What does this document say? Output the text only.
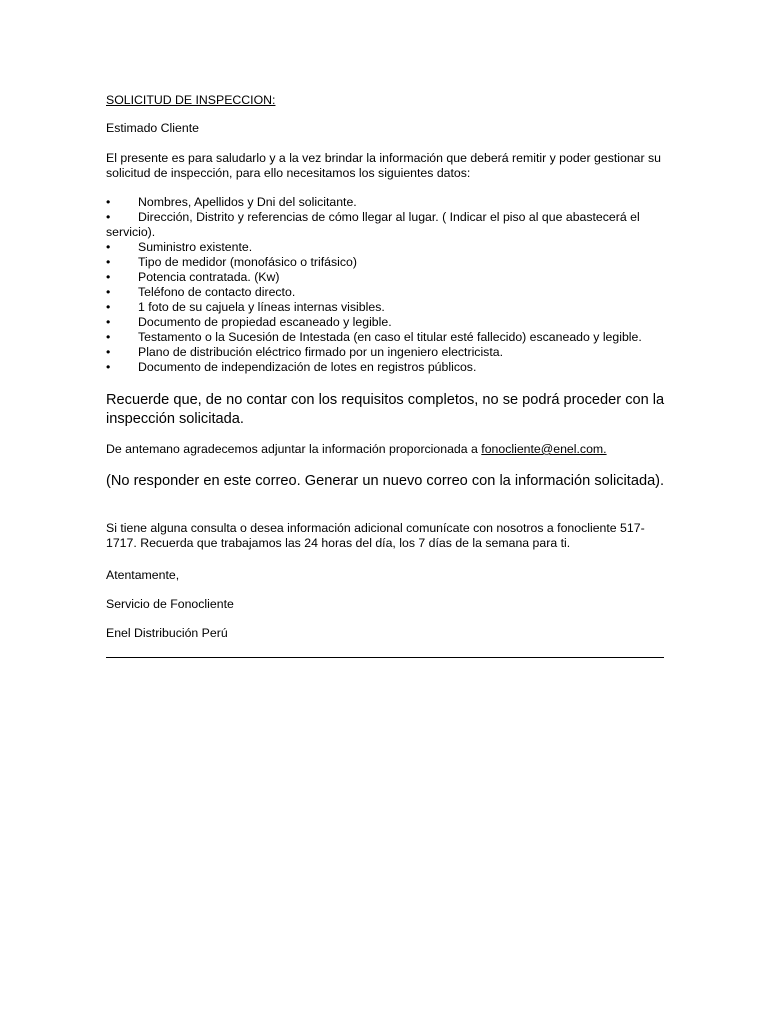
SOLICITUD DE INSPECCION:
Estimado Cliente
El presente es para saludarlo y a la vez brindar la información que deberá remitir y poder gestionar su solicitud de inspección, para ello necesitamos los siguientes datos:
• Nombres, Apellidos y Dni del solicitante.
• Dirección, Distrito y referencias de cómo llegar al lugar. ( Indicar el piso al que abastecerá el servicio).
• Suministro existente.
• Tipo de medidor (monofásico o trifásico)
• Potencia contratada. (Kw)
• Teléfono de contacto directo.
• 1 foto de su cajuela y líneas internas visibles.
• Documento de propiedad escaneado y legible.
• Testamento o la Sucesión de Intestada (en caso el titular esté fallecido) escaneado y legible.
• Plano de distribución eléctrico firmado por un ingeniero electricista.
• Documento de independización de lotes en registros públicos.
Recuerde que, de no contar con los requisitos completos, no se podrá proceder con la inspección solicitada.
De antemano agradecemos adjuntar la información proporcionada a fonocliente@enel.com.
(No responder en este correo. Generar un nuevo correo con la información solicitada).
Si tiene alguna consulta o desea información adicional comunícate con nosotros a fonocliente 517-1717. Recuerda que trabajamos las 24 horas del día, los 7 días de la semana para ti.
Atentamente,
Servicio de Fonocliente
Enel Distribución Perú
